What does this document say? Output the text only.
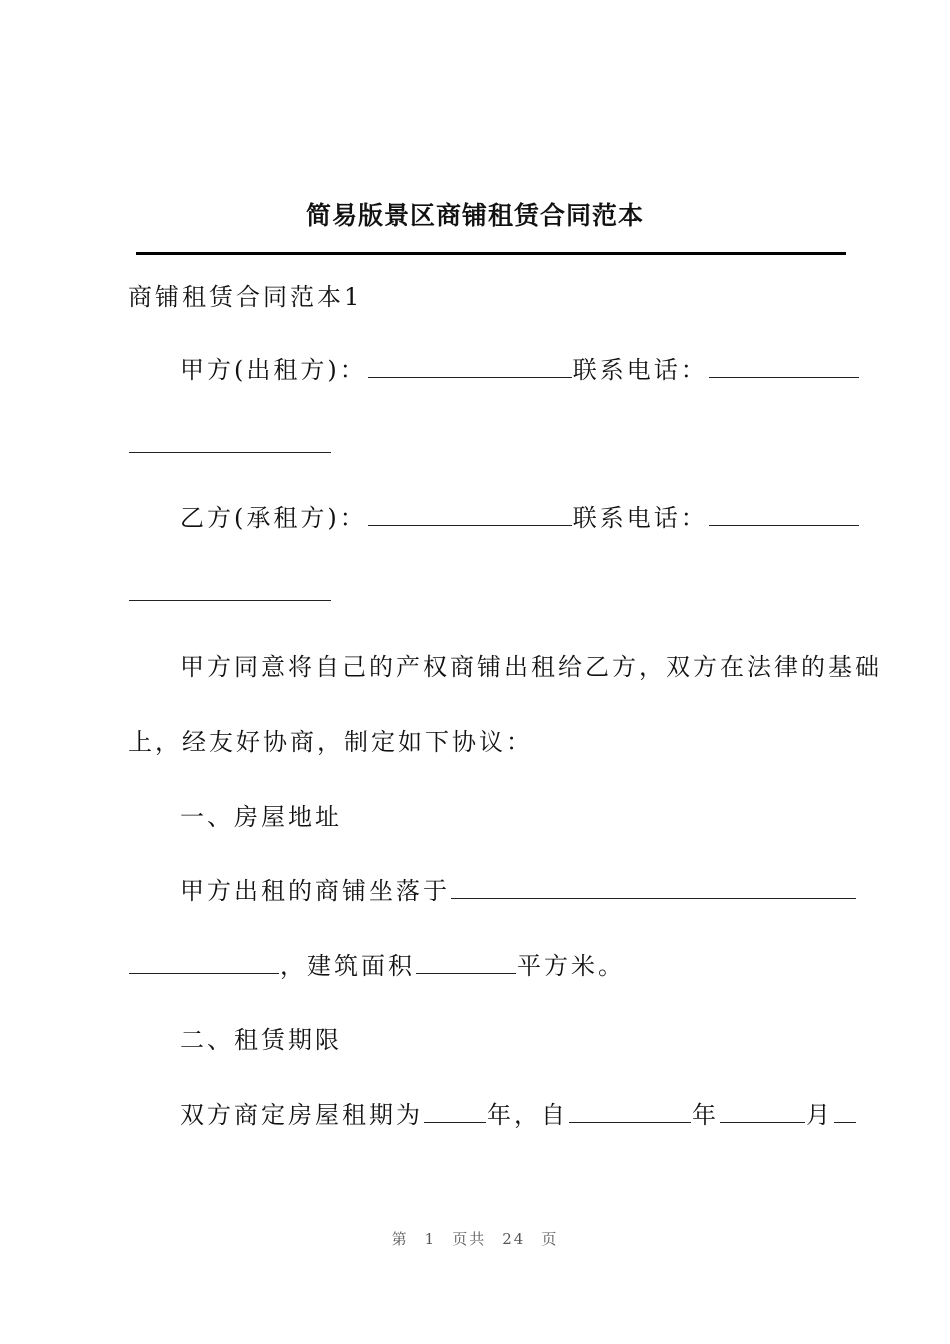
简易版景区商铺租赁合同范本
商铺租赁合同范本1
甲方(出租方)：	联系电话：
乙方(承租方)：	联系电话：
甲方同意将自己的产权商铺出租给乙方，双方在法律的基础
上，经友好协商，制定如下协议：
一、房屋地址
甲方出租的商铺坐落于
，建筑面积	平方米。
二、租赁期限
双方商定房屋租期为	年，自	年	月
第 1 页共 24 页
